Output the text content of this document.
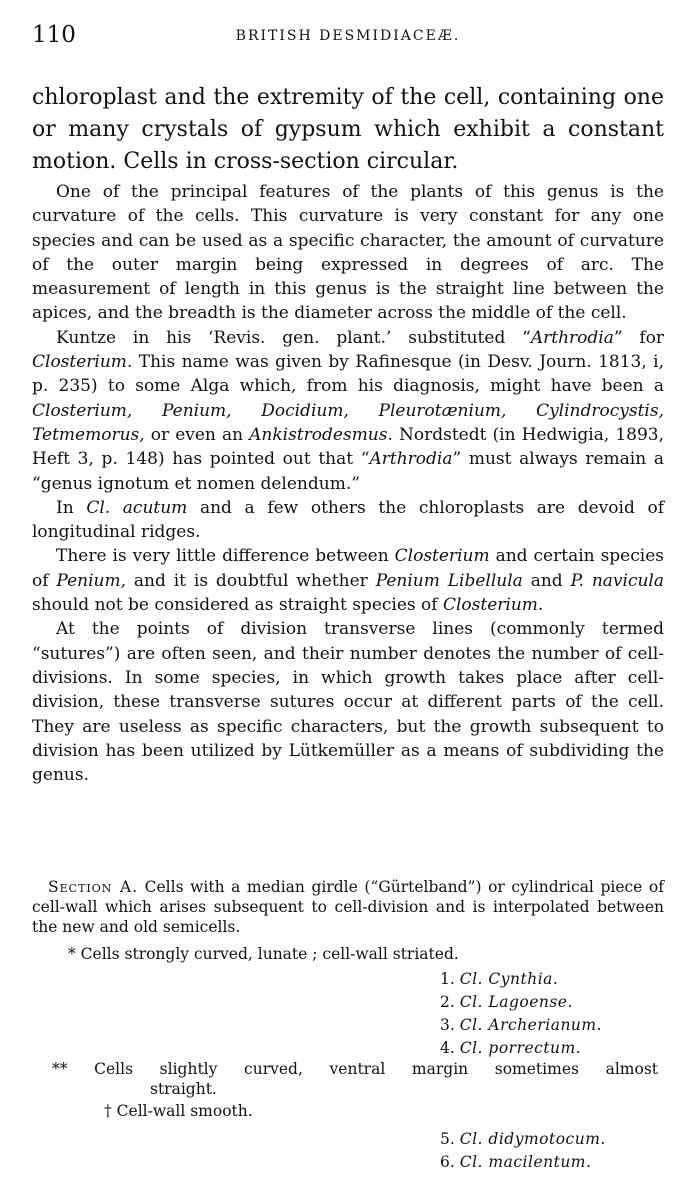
110	BRITISH DESMIDIACEÆ.
chloroplast and the extremity of the cell, containing one or many crystals of gypsum which exhibit a constant motion. Cells in cross-section circular.

One of the principal features of the plants of this genus is the curvature of the cells. This curvature is very constant for any one species and can be used as a specific character, the amount of curvature of the outer margin being expressed in degrees of arc. The measurement of length in this genus is the straight line between the apices, and the breadth is the diameter across the middle of the cell.

Kuntze in his ‘Revis. gen. plant.’ substituted “Arthrodia” for Closterium. This name was given by Rafinesque (in Desv. Journ. 1813, i, p. 235) to some Alga which, from his diagnosis, might have been a Closterium, Penium, Docidium, Pleurotænium, Cylindrocystis, Tetmemorus, or even an Ankistrodesmus. Nordstedt (in Hedwigia, 1893, Heft 3, p. 148) has pointed out that “Arthrodia” must always remain a “genus ignotum et nomen delendum.”

In Cl. acutum and a few others the chloroplasts are devoid of longitudinal ridges.

There is very little difference between Closterium and certain species of Penium, and it is doubtful whether Penium Libellula and P. navicula should not be considered as straight species of Closterium.

At the points of division transverse lines (commonly termed “sutures”) are often seen, and their number denotes the number of cell-divisions. In some species, in which growth takes place after cell-division, these transverse sutures occur at different parts of the cell. They are useless as specific characters, but the growth subsequent to division has been utilized by Lütkemüller as a means of subdividing the genus.

Section A. Cells with a median girdle (“Gürtelband”) or cylindrical piece of cell-wall which arises subsequent to cell-division and is interpolated between the new and old semicells.

* Cells strongly curved, lunate ; cell-wall striated.
1. Cl. Cynthia.
2. Cl. Lagoense.
3. Cl. Archerianum.
4. Cl. porrectum.
** Cells slightly curved, ventral margin sometimes almost
straight.
† Cell-wall smooth.
5. Cl. didymotocum.
6. Cl. macilentum.
